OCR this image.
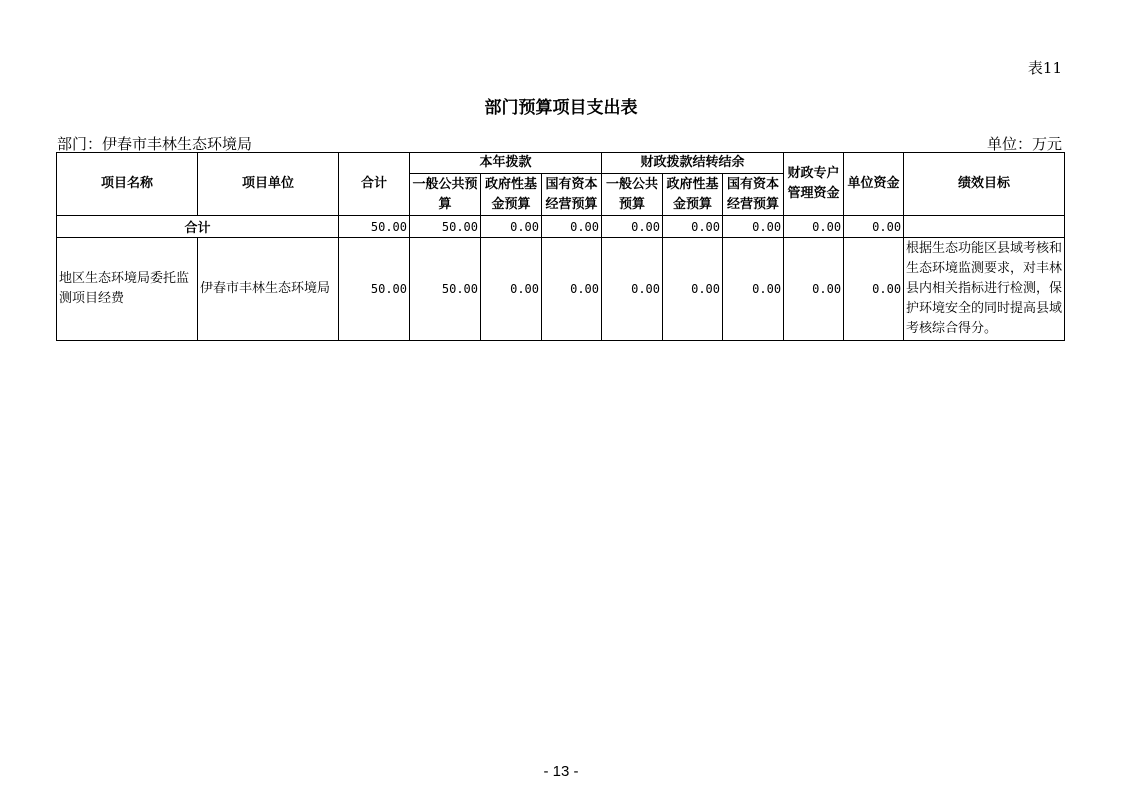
表11
部门预算项目支出表
部门：伊春市丰林生态环境局	单位：万元
项目名称	项目单位	合计	本年拨款			财政拨款结转结余			财政专户管理资金	单位资金	绩效目标
			一般公共预算	政府性基金预算	国有资本经营预算	一般公共预算	政府性基金预算	国有资本经营预算			

合计		50.00	50.00	0.00	0.00	0.00	0.00	0.00	0.00	0.00	
地区生态环境局委托监测项目经费	伊春市丰林生态环境局	50.00	50.00	0.00	0.00	0.00	0.00	0.00	0.00	0.00	根据生态功能区县域考核和生态环境监测要求，对丰林县内相关指标进行检测，保护环境安全的同时提高县域考核综合得分。
- 13 -
